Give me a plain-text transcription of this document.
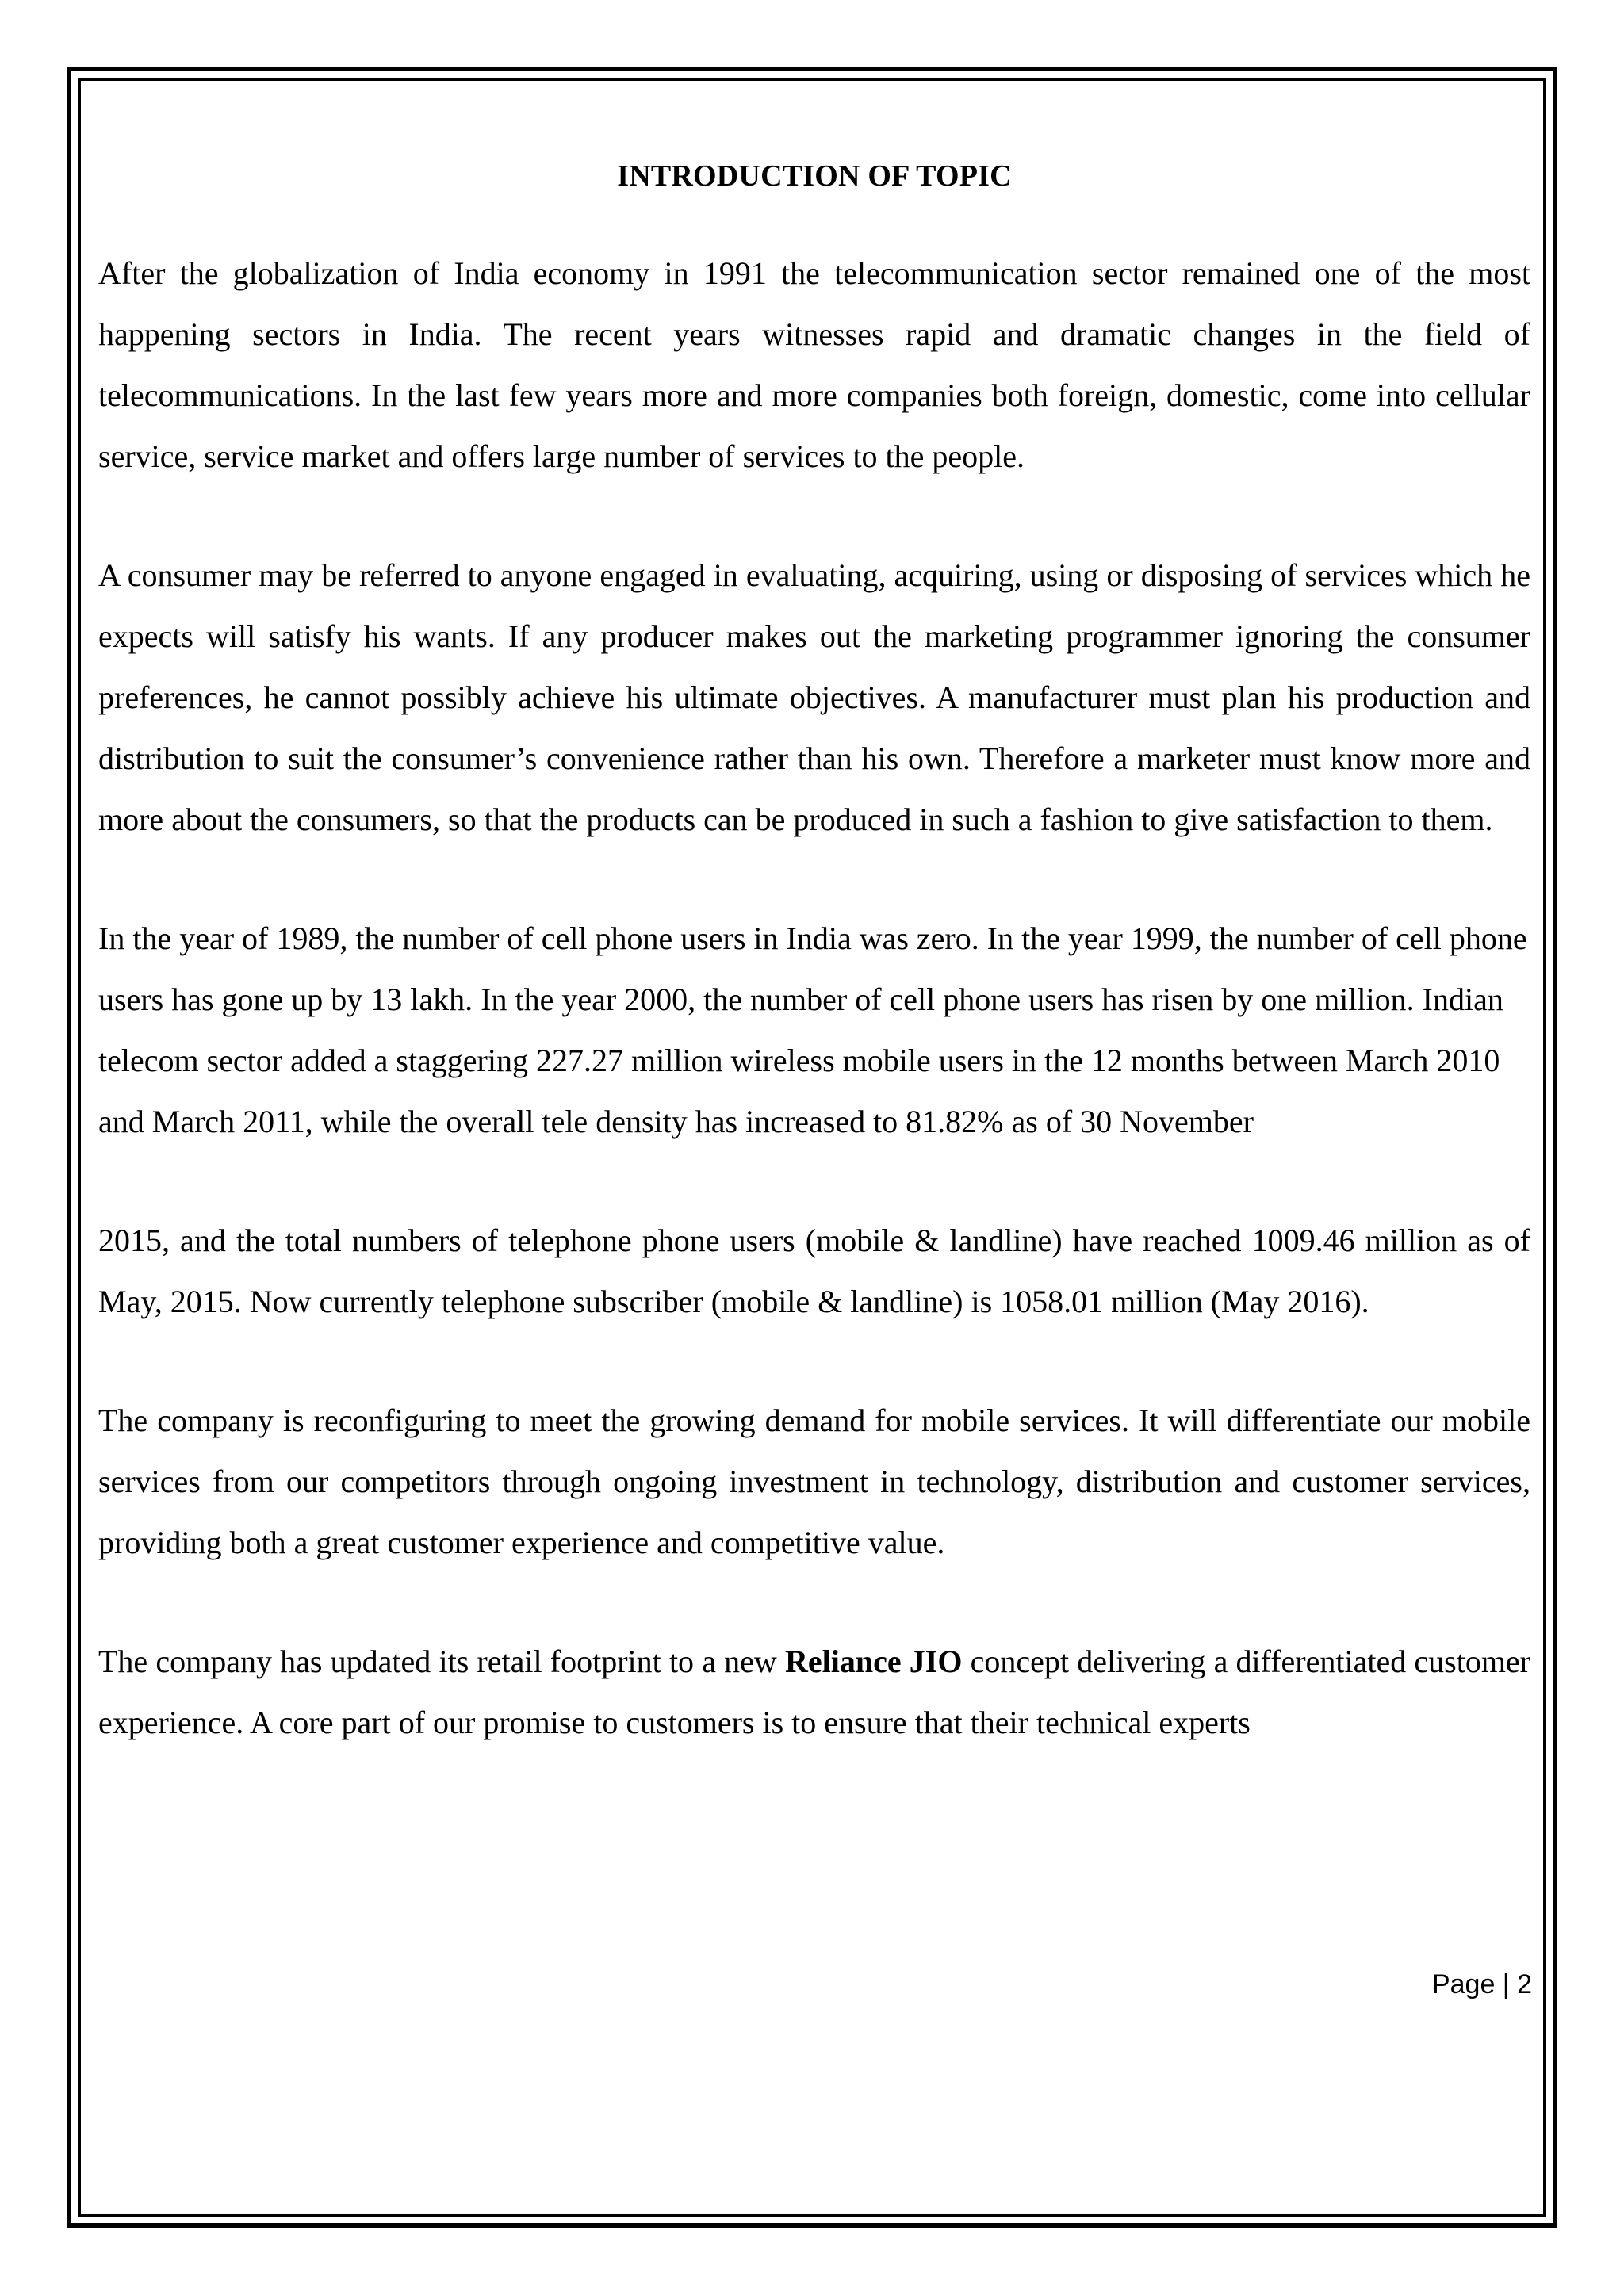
INTRODUCTION OF TOPIC

After the globalization of India economy in 1991 the telecommunication sector remained one of the most happening sectors in India. The recent years witnesses rapid and dramatic changes in the field of telecommunications. In the last few years more and more companies both foreign, domestic, come into cellular service, service market and offers large number of services to the people.

A consumer may be referred to anyone engaged in evaluating, acquiring, using or disposing of services which he expects will satisfy his wants. If any producer makes out the marketing programmer ignoring the consumer preferences, he cannot possibly achieve his ultimate objectives. A manufacturer must plan his production and distribution to suit the consumer’s convenience rather than his own. Therefore a marketer must know more and more about the consumers, so that the products can be produced in such a fashion to give satisfaction to them.

In the year of 1989, the number of cell phone users in India was zero. In the year 1999, the number of cell phone users has gone up by 13 lakh. In the year 2000, the number of cell phone users has risen by one million. Indian telecom sector added a staggering 227.27 million wireless mobile users in the 12 months between March 2010 and March 2011, while the overall tele density has increased to 81.82% as of 30 November

2015, and the total numbers of telephone phone users (mobile & landline) have reached 1009.46 million as of May, 2015. Now currently telephone subscriber (mobile & landline) is 1058.01 million (May 2016).

The company is reconfiguring to meet the growing demand for mobile services. It will differentiate our mobile services from our competitors through ongoing investment in technology, distribution and customer services, providing both a great customer experience and competitive value.

The company has updated its retail footprint to a new Reliance JIO concept delivering a differentiated customer experience. A core part of our promise to customers is to ensure that their technical experts

Page | 2
